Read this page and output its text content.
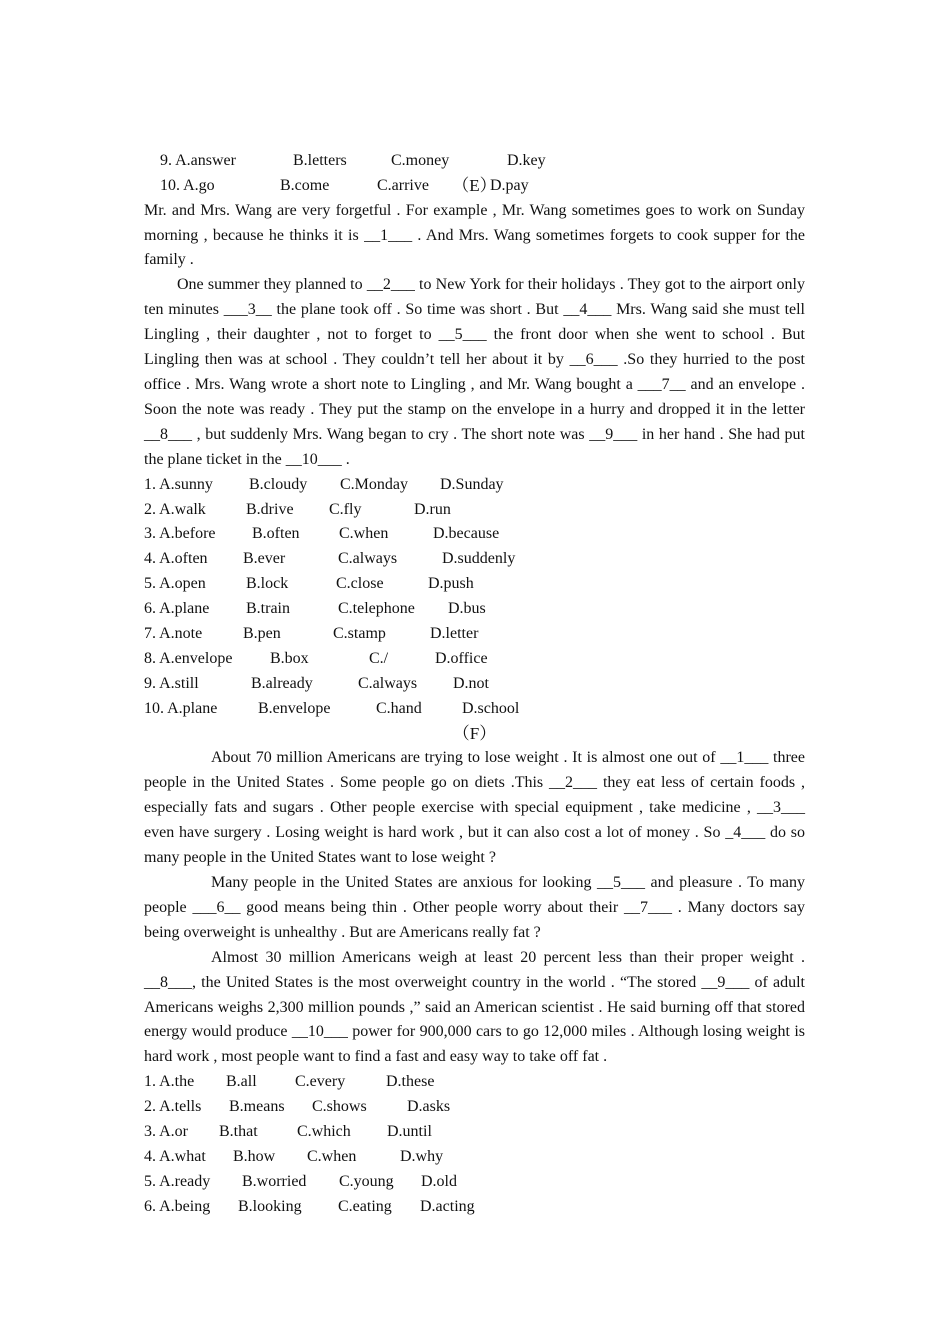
9. A.answer	B.letters	C.money	D.key

10. A.go	B.come	C.arrive	D.pay

（E）
Mr. and Mrs. Wang are very forgetful . For example , Mr. Wang sometimes goes to work on Sunday morning , because he thinks it is __1___ . And Mrs. Wang sometimes forgets to cook supper for the family .
One summer they planned to __2___ to New York for their holidays . They got to the airport only ten minutes ___3__ the plane took off . So time was short . But __4___ Mrs. Wang said she must tell Lingling , their daughter , not to forget to __5___ the front door when she went to school . But Lingling then was at school . They couldn’t tell her about it by __6___ .So they hurried to the post office . Mrs. Wang wrote a short note to Lingling , and Mr. Wang bought a ___7__ and an envelope . Soon the note was ready . They put the stamp on the envelope in a hurry and dropped it in the letter __8___ , but suddenly Mrs. Wang began to cry . The short note was __9___ in her hand . She had put the plane ticket in the __10___ .
1. A.sunny B.cloudy C.Monday D.Sunday
2. A.walk	B.drive C.fly	D.run
3. A.before B.often C.when	D.because
4. A.often B.ever	C.always	D.suddenly
5. A.open	B.lock	C.close	D.push
6. A.plane B.train	C.telephone D.bus
7. A.note	B.pen	C.stamp	D.letter
8. A.envelope B.box	C./	D.office
9. A.still	B.already	C.always D.not
10. A.plane	B.envelope	C.hand	D.school
（F）
About 70 million Americans are trying to lose weight . It is almost one out of __1___ three people in the United States . Some people go on diets .This __2___ they eat less of certain foods , especially fats and sugars . Other people exercise with special equipment , take medicine , __3___ even have surgery . Losing weight is hard work , but it can also cost a lot of money . So _4___ do so many people in the United States want to lose weight ?
Many people in the United States are anxious for looking __5___ and pleasure . To many people ___6__ good means being thin . Other people worry about their __7___ . Many doctors say being overweight is unhealthy . But are Americans really fat ?
Almost 30 million Americans weigh at least 20 percent less than their proper weight . __8___, the United States is the most overweight country in the world . “The stored __9___ of adult Americans weighs 2,300 million pounds ,” said an American scientist . He said burning off that stored energy would produce __10___ power for 900,000 cars to go 12,000 miles . Although losing weight is hard work , most people want to find a fast and easy way to take off fat .
1. A.the B.all C.every	D.these
2. A.tells B.means C.shows	D.asks
3. A.or B.that C.which D.until
4. A.what B.how C.when	D.why
5. A.ready B.worried C.young D.old
6. A.being B.looking C.eating D.acting
